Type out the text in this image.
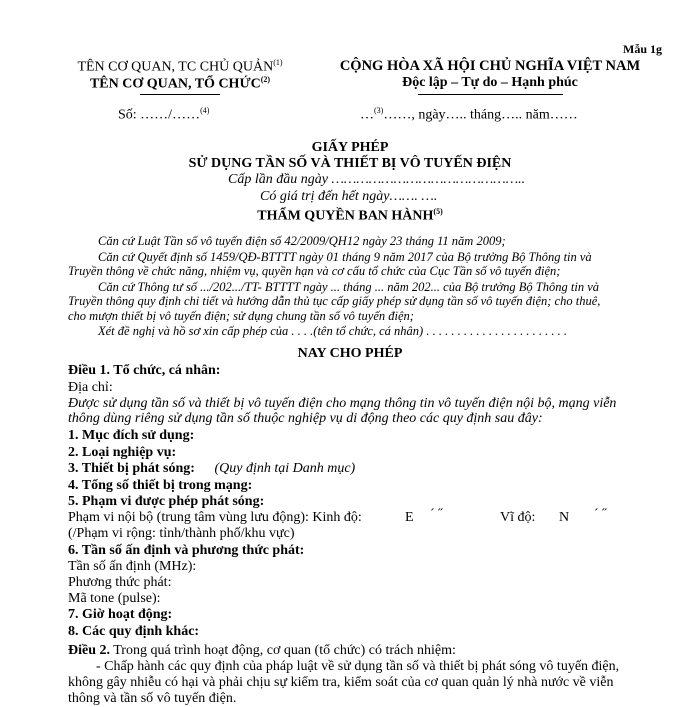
Mẫu 1g
TÊN CƠ QUAN, TC CHỦ QUẢN$^{(1)}$
TÊN CƠ QUAN, TỔ CHỨC$^{(2)}$
CỘNG HÒA XÃ HỘI CHỦ NGHĨA VIỆT NAM
Độc lập – Tự do – Hạnh phúc
Số: ……/……$^{(4)}$	…$^{(3)}$……, ngày….. tháng….. năm……
GIẤY PHÉP
SỬ DỤNG TẦN SỐ VÀ THIẾT BỊ VÔ TUYẾN ĐIỆN
Cấp lần đầu ngày ………………………………………..
Có giá trị đến hết ngày……. ….
THẨM QUYỀN BAN HÀNH$^{(5)}$
Căn cứ Luật Tần số vô tuyến điện số 42/2009/QH12 ngày 23 tháng 11 năm 2009;
Căn cứ Quyết định số 1459/QĐ-BTTTT ngày 01 tháng 9 năm 2017 của Bộ trưởng Bộ Thông tin và
Truyền thông về chức năng, nhiệm vụ, quyền hạn và cơ cấu tổ chức của Cục Tần số vô tuyến điện;
Căn cứ Thông tư số .../202.../TT- BTTTT ngày ... tháng ... năm 202... của Bộ trưởng Bộ Thông tin và
Truyền thông quy định chi tiết và hướng dẫn thủ tục cấp giấy phép sử dụng tần số vô tuyến điện; cho thuê,
cho mượn thiết bị vô tuyến điện; sử dụng chung tần số vô tuyến điện;
Xét đề nghị và hồ sơ xin cấp phép của . . . .(tên tổ chức, cá nhân) . . . . . . . . . . . . . . . . . . . . . . .
NAY CHO PHÉP
Điều 1. Tổ chức, cá nhân:
Địa chỉ:
Được sử dụng tần số và thiết bị vô tuyến điện cho mạng thông tin vô tuyến điện nội bộ, mạng viễn
thông dùng riêng sử dụng tần số thuộc nghiệp vụ di động theo các quy định sau đây:
1. Mục đích sử dụng:
2. Loại nghiệp vụ:
3. Thiết bị phát sóng: (Quy định tại Danh mục)
4. Tổng số thiết bị trong mạng:
5. Phạm vi được phép phát sóng:
Phạm vi nội bộ (trung tâm vùng lưu động): Kinh độ:	E ´ ˝	Vĩ độ: N ´ ˝
(/Phạm vi rộng: tỉnh/thành phố/khu vực)
6. Tần số ấn định và phương thức phát:
Tần số ấn định (MHz):
Phương thức phát:
Mã tone (pulse):
7. Giờ hoạt động:
8. Các quy định khác:
Điều 2. Trong quá trình hoạt động, cơ quan (tổ chức) có trách nhiệm:
- Chấp hành các quy định của pháp luật về sử dụng tần số và thiết bị phát sóng vô tuyến điện,
không gây nhiễu có hại và phải chịu sự kiểm tra, kiểm soát của cơ quan quản lý nhà nước về viễn
thông và tần số vô tuyến điện.
